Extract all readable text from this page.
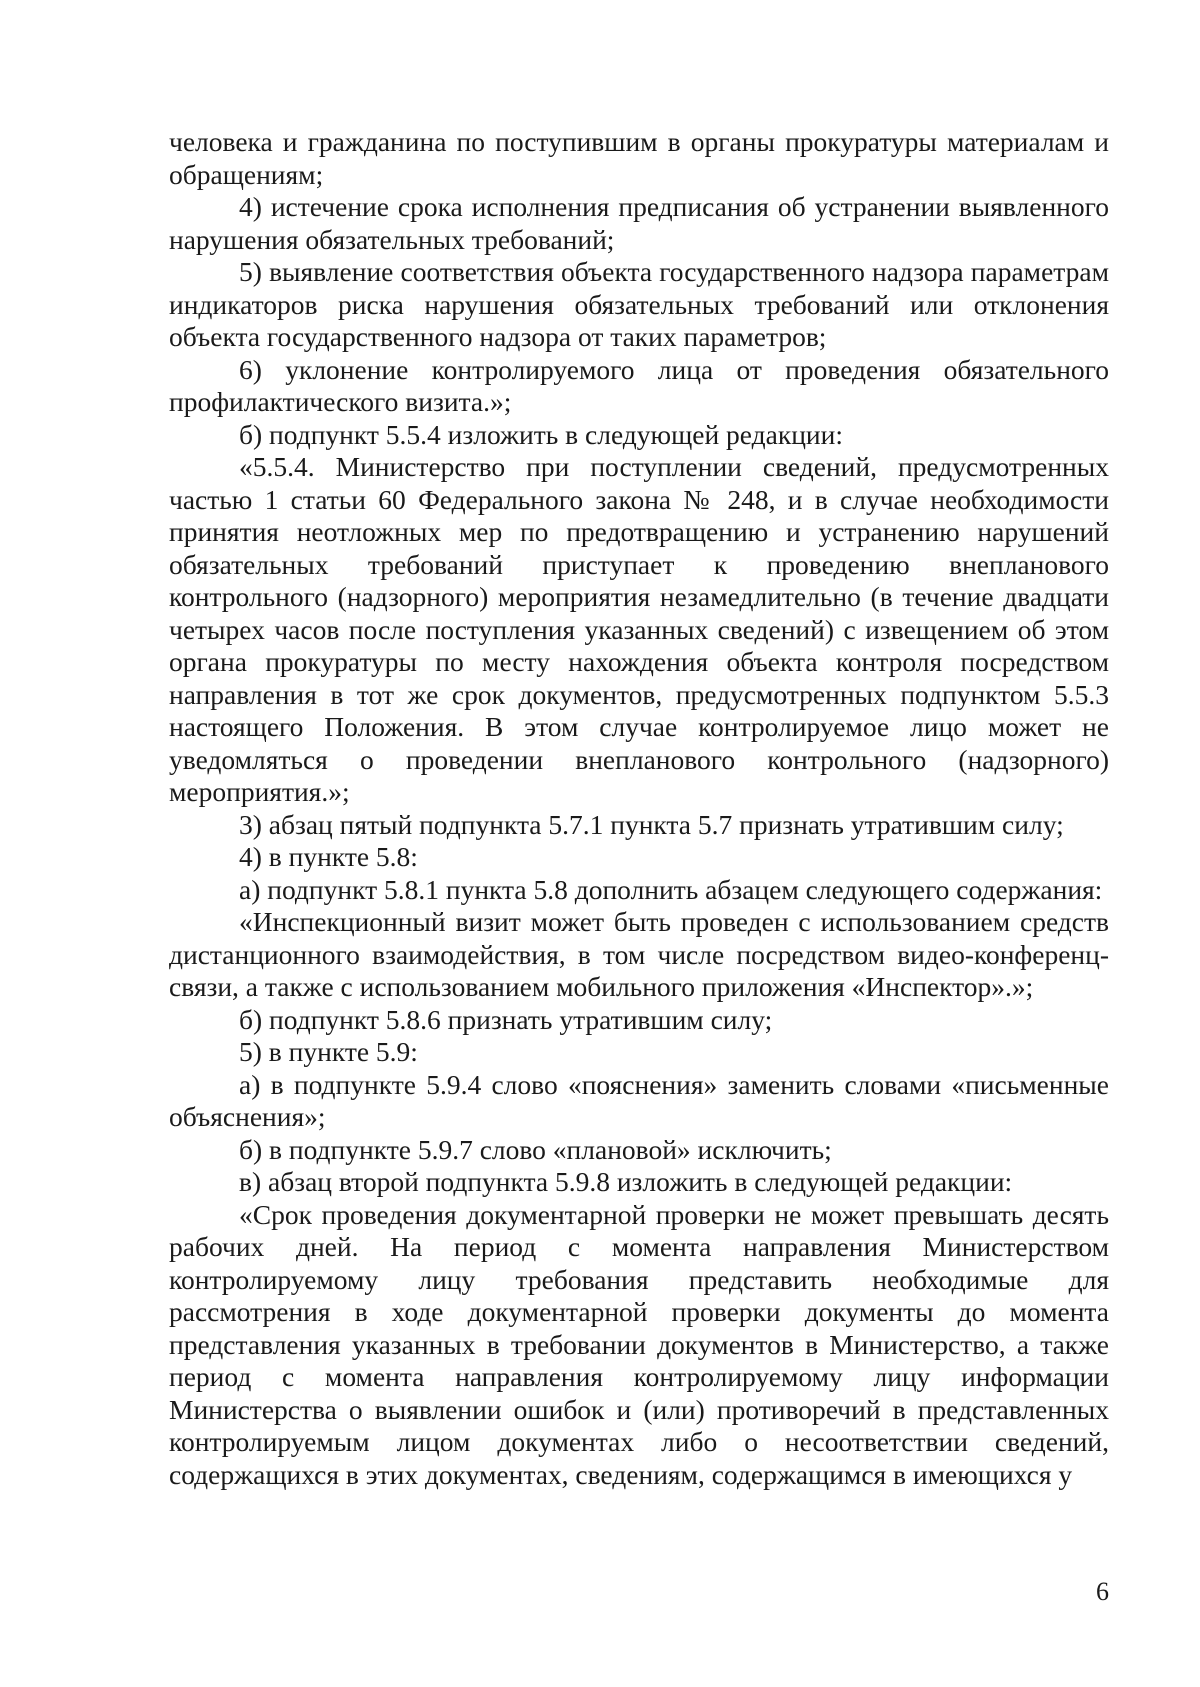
человека и гражданина по поступившим в органы прокуратуры материалам и обращениям;

4) истечение срока исполнения предписания об устранении выявленного нарушения обязательных требований;

5) выявление соответствия объекта государственного надзора параметрам индикаторов риска нарушения обязательных требований или отклонения объекта государственного надзора от таких параметров;

6) уклонение контролируемого лица от проведения обязательного профилактического визита.»;

б) подпункт 5.5.4 изложить в следующей редакции:

«5.5.4. Министерство при поступлении сведений, предусмотренных частью 1 статьи 60 Федерального закона № 248, и в случае необходимости принятия неотложных мер по предотвращению и устранению нарушений обязательных требований приступает к проведению внепланового контрольного (надзорного) мероприятия незамедлительно (в течение двадцати четырех часов после поступления указанных сведений) с извещением об этом органа прокуратуры по месту нахождения объекта контроля посредством направления в тот же срок документов, предусмотренных подпунктом 5.5.3 настоящего Положения. В этом случае контролируемое лицо может не уведомляться о проведении внепланового контрольного (надзорного) мероприятия.»;

3) абзац пятый подпункта 5.7.1 пункта 5.7 признать утратившим силу;

4) в пункте 5.8:

а) подпункт 5.8.1 пункта 5.8 дополнить абзацем следующего содержания:

«Инспекционный визит может быть проведен с использованием средств дистанционного взаимодействия, в том числе посредством видео-конференц-связи, а также с использованием мобильного приложения «Инспектор».»;

б) подпункт 5.8.6 признать утратившим силу;

5) в пункте 5.9:

а) в подпункте 5.9.4 слово «пояснения» заменить словами «письменные объяснения»;

б) в подпункте 5.9.7 слово «плановой» исключить;

в) абзац второй подпункта 5.9.8 изложить в следующей редакции:

«Срок проведения документарной проверки не может превышать десять рабочих дней. На период с момента направления Министерством контролируемому лицу требования представить необходимые для рассмотрения в ходе документарной проверки документы до момента представления указанных в требовании документов в Министерство, а также период с момента направления контролируемому лицу информации Министерства о выявлении ошибок и (или) противоречий в представленных контролируемым лицом документах либо о несоответствии сведений, содержащихся в этих документах, сведениям, содержащимся в имеющихся у

6
